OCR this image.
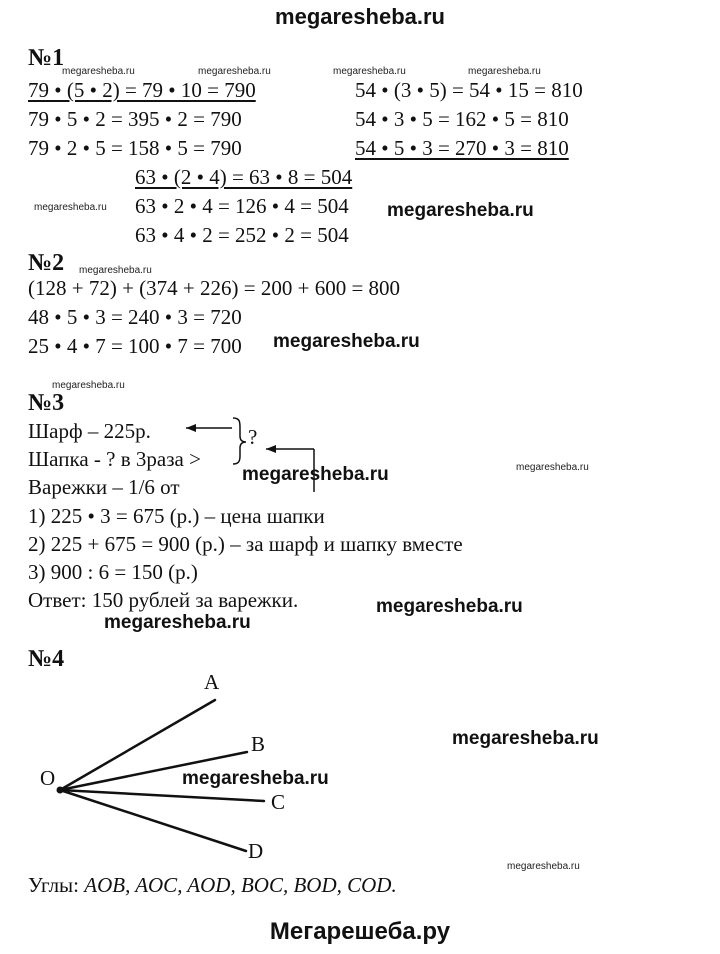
megaresheba.ru
№1
79 • (5 • 2) = 79 • 10 = 790
79 • 5 • 2 = 395 • 2 = 790
79 • 2 • 5 = 158 • 5 = 790
54 • (3 • 5) = 54 • 15 = 810
54 • 3 • 5 = 162 • 5 = 810
54 • 5 • 3 = 270 • 3 = 810
63 • (2 • 4) = 63 • 8 = 504
63 • 2 • 4 = 126 • 4 = 504
63 • 4 • 2 = 252 • 2 = 504
megaresheba.ru	megaresheba.ru	megaresheba.ru	megaresheba.ru
megaresheba.ru	megaresheba.ru
№2 megaresheba.ru
(128 + 72) + (374 + 226) = 200 + 600 = 800
48 • 5 • 3 = 240 • 3 = 720
25 • 4 • 7 = 100 • 7 = 700 megaresheba.ru
megaresheba.ru
№3
Шарф – 225р.
Шапка - ? в 3раза >
Варежки – 1/6 от
?
megaresheba.ru	megaresheba.ru
1) 225 • 3 = 675 (р.) – цена шапки
2) 225 + 675 = 900 (р.) – за шарф и шапку вместе
3) 900 : 6 = 150 (р.)
Ответ: 150 рублей за варежки.	megaresheba.ru
megaresheba.ru
№4
A
B
C
D
O
megaresheba.ru
megaresheba.ru
megaresheba.ru
Углы: AOB, AOC, AOD, BOC, BOD, COD.
Мегарешеба.ру
